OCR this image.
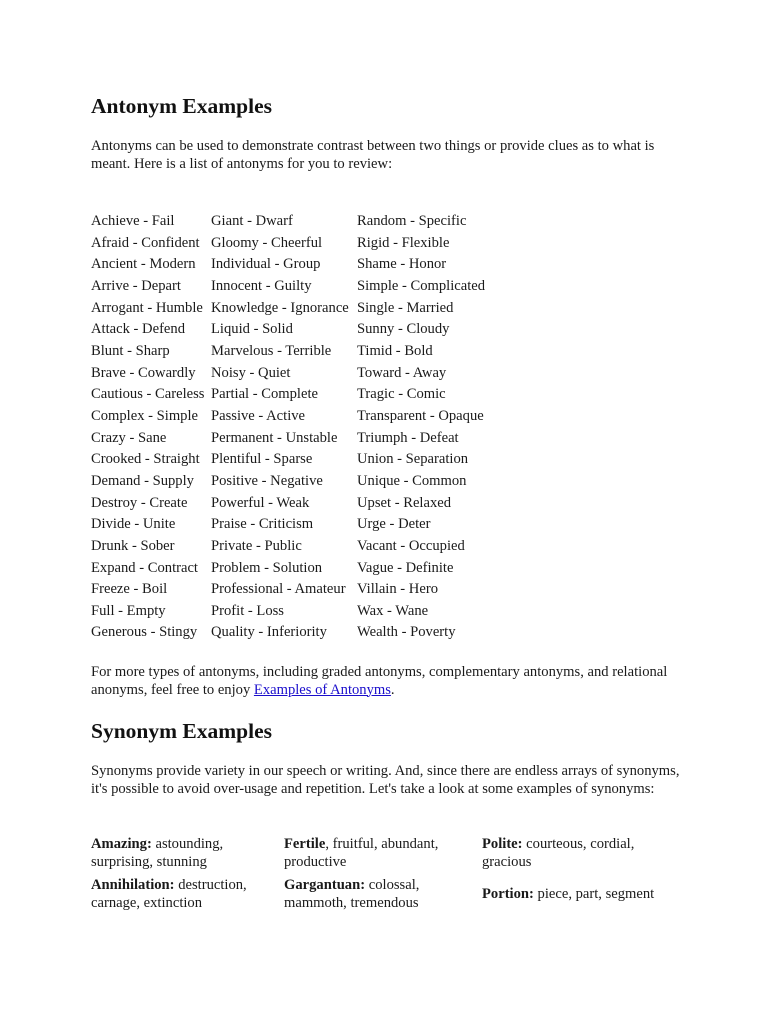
Antonym Examples

Antonyms can be used to demonstrate contrast between two things or provide clues as to what is meant. Here is a list of antonyms for you to review:

Achieve - Fail	Giant - Dwarf	Random - Specific
Afraid - Confident	Gloomy - Cheerful	Rigid - Flexible
Ancient - Modern	Individual - Group	Shame - Honor
Arrive - Depart	Innocent - Guilty	Simple - Complicated
Arrogant - Humble	Knowledge - Ignorance	Single - Married
Attack - Defend	Liquid - Solid	Sunny - Cloudy
Blunt - Sharp	Marvelous - Terrible	Timid - Bold
Brave - Cowardly	Noisy - Quiet	Toward - Away
Cautious - Careless	Partial - Complete	Tragic - Comic
Complex - Simple	Passive - Active	Transparent - Opaque
Crazy - Sane	Permanent - Unstable	Triumph - Defeat
Crooked - Straight	Plentiful - Sparse	Union - Separation
Demand - Supply	Positive - Negative	Unique - Common
Destroy - Create	Powerful - Weak	Upset - Relaxed
Divide - Unite	Praise - Criticism	Urge - Deter
Drunk - Sober	Private - Public	Vacant - Occupied
Expand - Contract	Problem - Solution	Vague - Definite
Freeze - Boil	Professional - Amateur	Villain - Hero
Full - Empty	Profit - Loss	Wax - Wane
Generous - Stingy	Quality - Inferiority	Wealth - Poverty

For more types of antonyms, including graded antonyms, complementary antonyms, and relational anonyms, feel free to enjoy Examples of Antonyms.

Synonym Examples

Synonyms provide variety in our speech or writing. And, since there are endless arrays of synonyms, it's possible to avoid over-usage and repetition. Let's take a look at some examples of synonyms:

Amazing: astounding, surprising, stunning	Fertile, fruitful, abundant, productive	Polite: courteous, cordial, gracious
Annihilation: destruction, carnage, extinction	Gargantuan: colossal, mammoth, tremendous	Portion: piece, part, segment
